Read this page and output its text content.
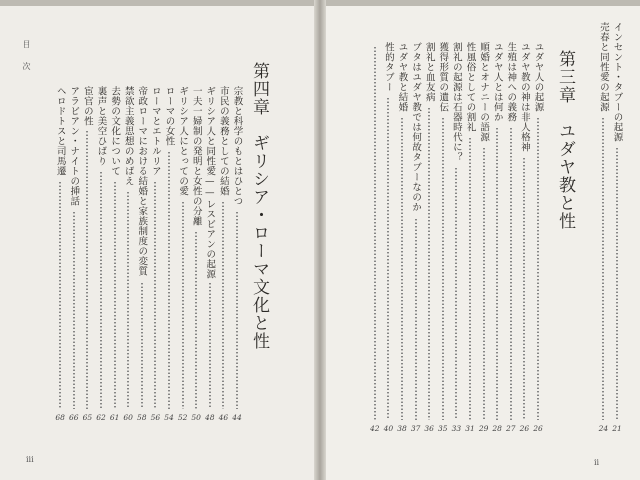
目次	第四章　ギリシア・ローマ文化と性
宗教と科学のもとはひとつ
44
市民の義務としての結婚
46
ギリシア人と同性愛——レスビアンの起源
48
一夫一婦制の発明と女性の分離
50
ギリシア人にとっての愛
52
ローマの女性
54
ローマとエトルリア
56
帝政ローマにおける結婚と家族制度の変質
58
禁欲主義思想のめばえ
60
去勢の文化について
61
裏声と美空ひばり
62
宦官の性
65
アラビアン・ナイトの挿話
66
ヘロドトスと司馬遷
68
iii
第三章　ユダヤ教と性	インセント・タブーの起源
21
売春と同性愛の起源
24
ユダヤ人の起源
26
ユダヤ教の神は非人格神
26
生殖は神への義務
27
ユダヤ人とは何か
28
順婚とオナニーの語源
29
性風俗としての割礼
31
割礼の起源は石器時代に？
33
獲得形質の遺伝
35
割礼と血友病
36
ブタはユダヤ教では何故タブーなのか
37
ユダヤ教と結婚
38
性的タブー
40
42
ii
